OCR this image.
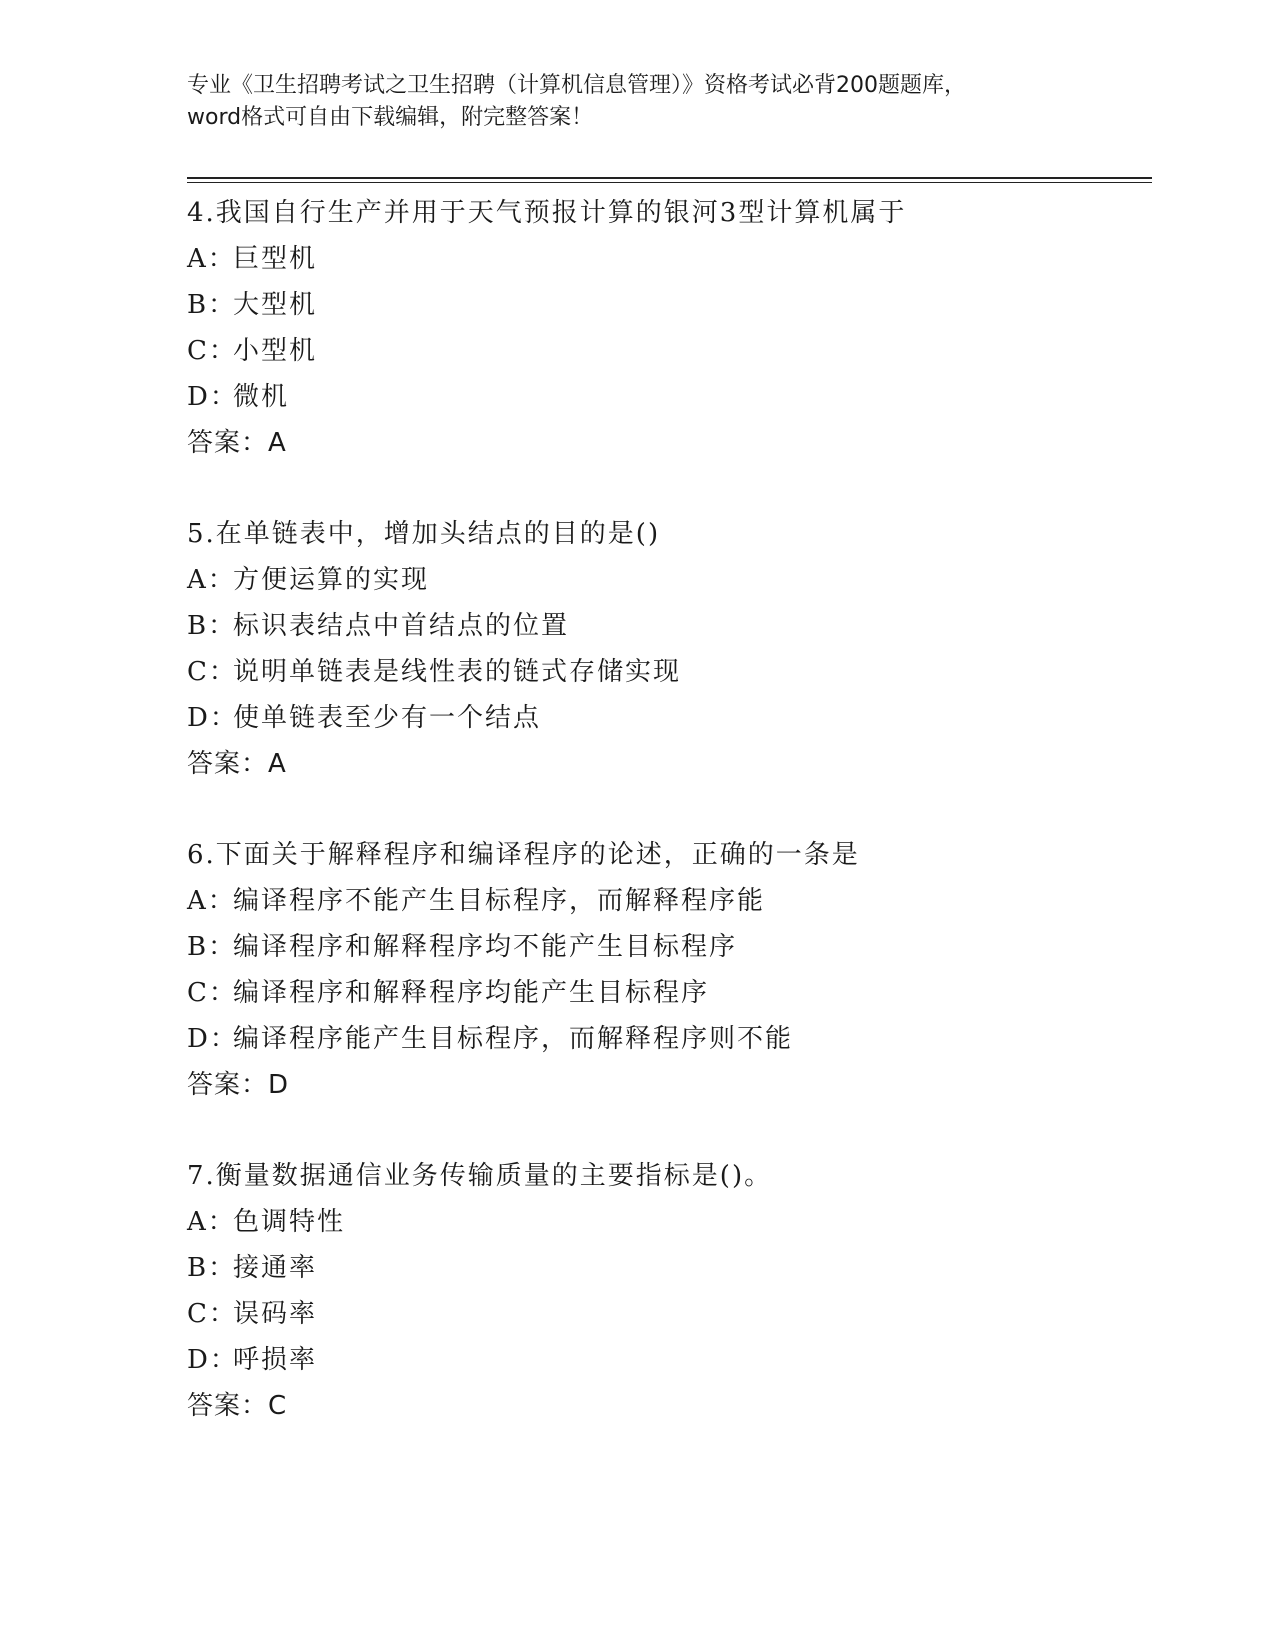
专业《卫生招聘考试之卫生招聘（计算机信息管理）》资格考试必背200题题库，

word格式可自由下载编辑，附完整答案！

4.我国自行生产并用于天气预报计算的银河3型计算机属于
A：巨型机
B：大型机
C：小型机
D：微机
答案：A
5.在单链表中，增加头结点的目的是()
A：方便运算的实现
B：标识表结点中首结点的位置
C：说明单链表是线性表的链式存储实现
D：使单链表至少有一个结点
答案：A
6.下面关于解释程序和编译程序的论述，正确的一条是
A：编译程序不能产生目标程序，而解释程序能
B：编译程序和解释程序均不能产生目标程序
C：编译程序和解释程序均能产生目标程序
D：编译程序能产生目标程序，而解释程序则不能
答案：D
7.衡量数据通信业务传输质量的主要指标是()。
A：色调特性
B：接通率
C：误码率
D：呼损率
答案：C
